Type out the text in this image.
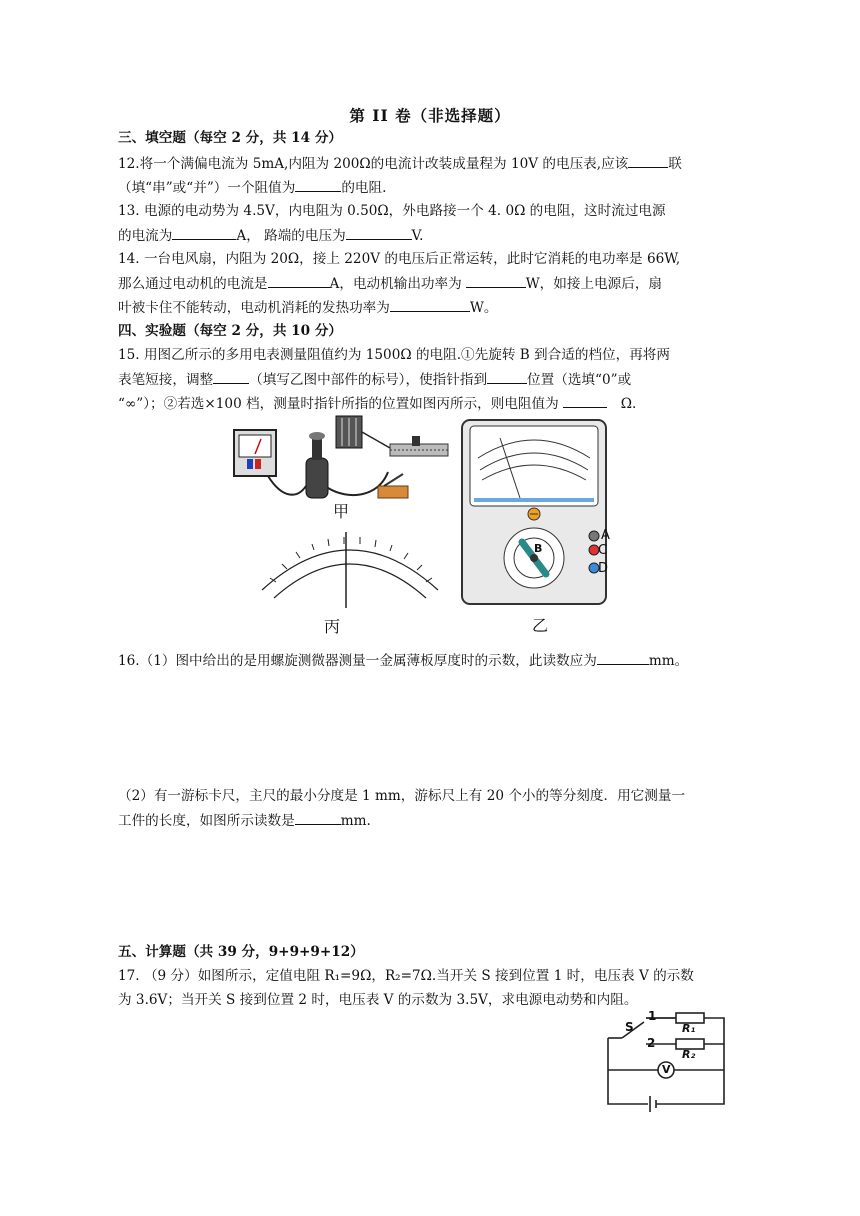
第 II 卷（非选择题）
三、填空题（每空 2 分，共 14 分）
12.将一个满偏电流为 5mA,内阻为 200Ω的电流计改装成量程为 10V 的电压表,应该	联
（填“串”或“并”）一个阻值为	的电阻.
13. 电源的电动势为 4.5V，内电阻为 0.50Ω，外电路接一个 4. 0Ω 的电阻，这时流过电源
的电流为	A， 路端的电压为	V.
14. 一台电风扇，内阻为 20Ω，接上 220V 的电压后正常运转，此时它消耗的电功率是 66W,
那么通过电动机的电流是	A，电动机输出功率为	W，如接上电源后，扇
叶被卡住不能转动，电动机消耗的发热功率为	W。
四、实验题（每空 2 分，共 10 分）
15. 用图乙所示的多用电表测量阻值约为 1500Ω 的电阻.①先旋转 B 到合适的档位，再将两
表笔短接，调整	（填写乙图中部件的标号），使指针指到	位置（选填“0”或
“∞”）；②若选×100 档，测量时指针所指的位置如图丙所示，则电阻值为	Ω.
甲
B
A
C
D
乙
丙
16.（1）图中给出的是用螺旋测微器测量一金属薄板厚度时的示数，此读数应为	mm。
（2）有一游标卡尺，主尺的最小分度是 1 mm，游标尺上有 20 个小的等分刻度．用它测量一
工件的长度，如图所示读数是	mm.
五、计算题（共 39 分，9+9+9+12）
17. （9 分）如图所示，定值电阻 R₁=9Ω，R₂=7Ω.当开关 S 接到位置 1 时，电压表 V 的示数
为 3.6V；当开关 S 接到位置 2 时，电压表 V 的示数为 3.5V，求电源电动势和内阻。
S
1
2
R₁
R₂
V
